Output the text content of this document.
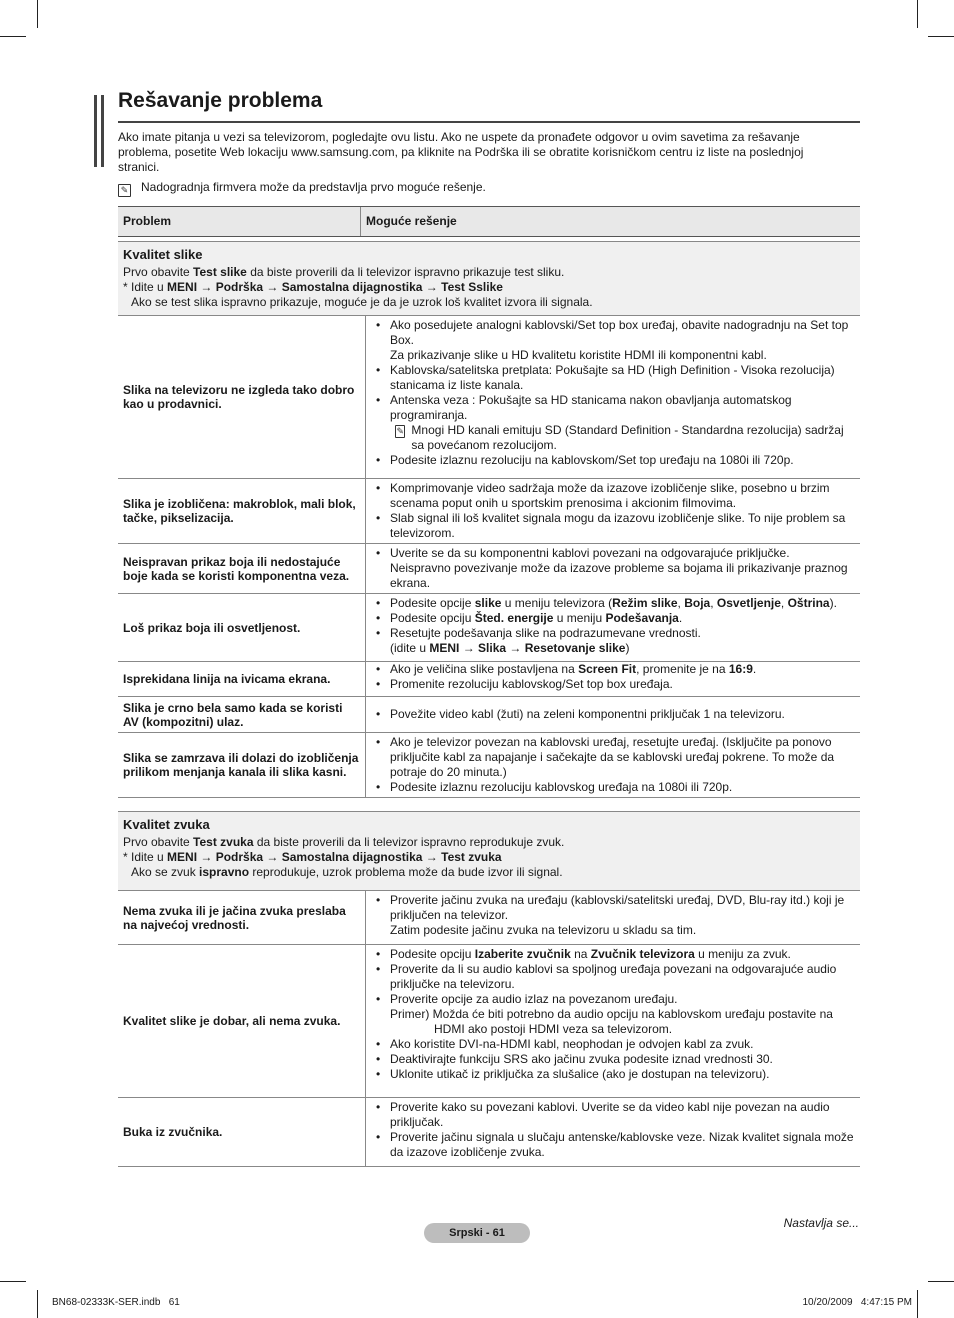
Rešavanje problema

Ako imate pitanja u vezi sa televizorom, pogledajte ovu listu. Ako ne uspete da pronađete odgovor u ovim savetima za rešavanje problema, posetite Web lokaciju www.samsung.com, pa kliknite na Podrška ili se obratite korisničkom centru iz liste na poslednjoj stranici.

✎ Nadogradnja firmvera može da predstavlja prvo moguće rešenje.
Problem	Moguće rešenje
Kvalitet slike
Prvo obavite Test slike da biste proverili da li televizor ispravno prikazuje test sliku.
* Idite u MENI → Podrška → Samostalna dijagnostika → Test Sslike
Ako se test slika ispravno prikazuje, moguće je da je uzrok loš kvalitet izvora ili signala.
Slika na televizoru ne izgleda tako dobro kao u prodavnici.
• Ako posedujete analogni kablovski/Set top box uređaj, obavite nadogradnju na Set top Box.
Za prikazivanje slike u HD kvalitetu koristite HDMI ili komponentni kabl.
• Kablovska/satelitska pretplata: Pokušajte sa HD (High Definition - Visoka rezolucija) stanicama iz liste kanala.
• Antenska veza : Pokušajte sa HD stanicama nakon obavljanja automatskog programiranja.
✎ Mnogi HD kanali emituju SD (Standard Definition - Standardna rezolucija) sadržaj sa povećanom rezolucijom.
• Podesite izlaznu rezoluciju na kablovskom/Set top uređaju na 1080i ili 720p.
Slika je izobličena: makroblok, mali blok, tačke, pikselizacija.
• Komprimovanje video sadržaja može da izazove izobličenje slike, posebno u brzim scenama poput onih u sportskim prenosima i akcionim filmovima.
• Slab signal ili loš kvalitet signala mogu da izazovu izobličenje slike. To nije problem sa televizorom.
Neispravan prikaz boja ili nedostajuće boje kada se koristi komponentna veza.
• Uverite se da su komponentni kablovi povezani na odgovarajuće priključke.
Neispravno povezivanje može da izazove probleme sa bojama ili prikazivanje praznog ekrana.
Loš prikaz boja ili osvetljenost.
• Podesite opcije slike u meniju televizora (Režim slike, Boja, Osvetljenje, Oštrina).
• Podesite opciju Šted. energije u meniju Podešavanja.
• Resetujte podešavanja slike na podrazumevane vrednosti.
(idite u MENI → Slika → Resetovanje slike)
Isprekidana linija na ivicama ekrana.
• Ako je veličina slike postavljena na Screen Fit, promenite je na 16:9.
• Promenite rezoluciju kablovskog/Set top box uređaja.
Slika je crno bela samo kada se koristi AV (kompozitni) ulaz.
• Povežite video kabl (žuti) na zeleni komponentni priključak 1 na televizoru.
Slika se zamrzava ili dolazi do izobličenja prilikom menjanja kanala ili slika kasni.
• Ako je televizor povezan na kablovski uređaj, resetujte uređaj. (Isključite pa ponovo priključite kabl za napajanje i sačekajte da se kablovski uređaj pokrene. To može da potraje do 20 minuta.)
• Podesite izlaznu rezoluciju kablovskog uređaja na 1080i ili 720p.
Kvalitet zvuka
Prvo obavite Test zvuka da biste proverili da li televizor ispravno reprodukuje zvuk.
* Idite u MENI → Podrška → Samostalna dijagnostika → Test zvuka
Ako se zvuk ispravno reprodukuje, uzrok problema može da bude izvor ili signal.
Nema zvuka ili je jačina zvuka preslaba na najvećoj vrednosti.
• Proverite jačinu zvuka na uređaju (kablovski/satelitski uređaj, DVD, Blu-ray itd.) koji je priključen na televizor.
Zatim podesite jačinu zvuka na televizoru u skladu sa tim.
Kvalitet slike je dobar, ali nema zvuka.
• Podesite opciju Izaberite zvučnik na Zvučnik televizora u meniju za zvuk.
• Proverite da li su audio kablovi sa spoljnog uređaja povezani na odgovarajuće audio priključke na televizoru.
• Proverite opcije za audio izlaz na povezanom uređaju.
Primer) Možda će biti potrebno da audio opciju na kablovskom uređaju postavite na
HDMI ako postoji HDMI veza sa televizorom.
• Ako koristite DVI-na-HDMI kabl, neophodan je odvojen kabl za zvuk.
• Deaktivirajte funkciju SRS ako jačinu zvuka podesite iznad vrednosti 30.
• Uklonite utikač iz priključka za slušalice (ako je dostupan na televizoru).
Buka iz zvučnika.
• Proverite kako su povezani kablovi. Uverite se da video kabl nije povezan na audio priključak.
• Proverite jačinu signala u slučaju antenske/kablovske veze. Nizak kvalitet signala može da izazove izobličenje zvuka.
Nastavlja se...
Srpski - 61
BN68-02333K-SER.indb   61	10/20/2009   4:47:15 PM
